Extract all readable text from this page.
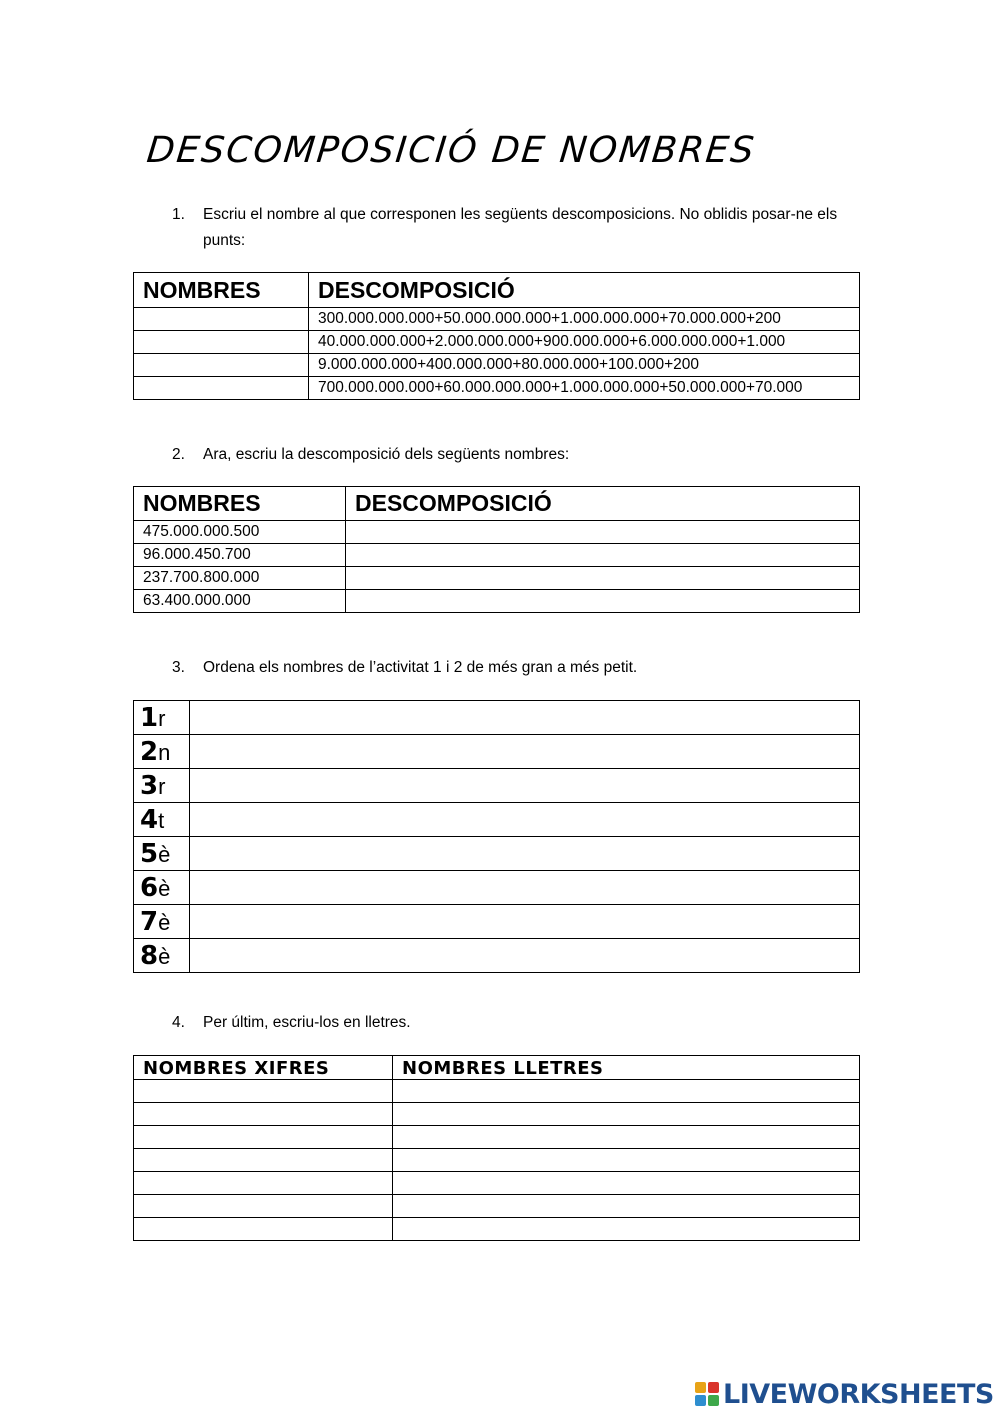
DESCOMPOSICIÓ DE NOMBRES
1. Escriu el nombre al que corresponen les següents descomposicions. No oblidis posar-ne els punts:
NOMBRES	DESCOMPOSICIÓ
	300.000.000.000+50.000.000.000+1.000.000.000+70.000.000+200
	40.000.000.000+2.000.000.000+900.000.000+6.000.000.000+1.000
	9.000.000.000+400.000.000+80.000.000+100.000+200
	700.000.000.000+60.000.000.000+1.000.000.000+50.000.000+70.000
2. Ara, escriu la descomposició dels següents nombres:
NOMBRES	DESCOMPOSICIÓ
475.000.000.500	
96.000.450.700	
237.700.800.000	
63.400.000.000	
3. Ordena els nombres de l’activitat 1 i 2 de més gran a més petit.
1r	
2n	
3r	
4t	
5è	
6è	
7è	
8è	
4. Per últim, escriu-los en lletres.
NOMBRES XIFRES	NOMBRES LLETRES

LIVEWORKSHEETS
